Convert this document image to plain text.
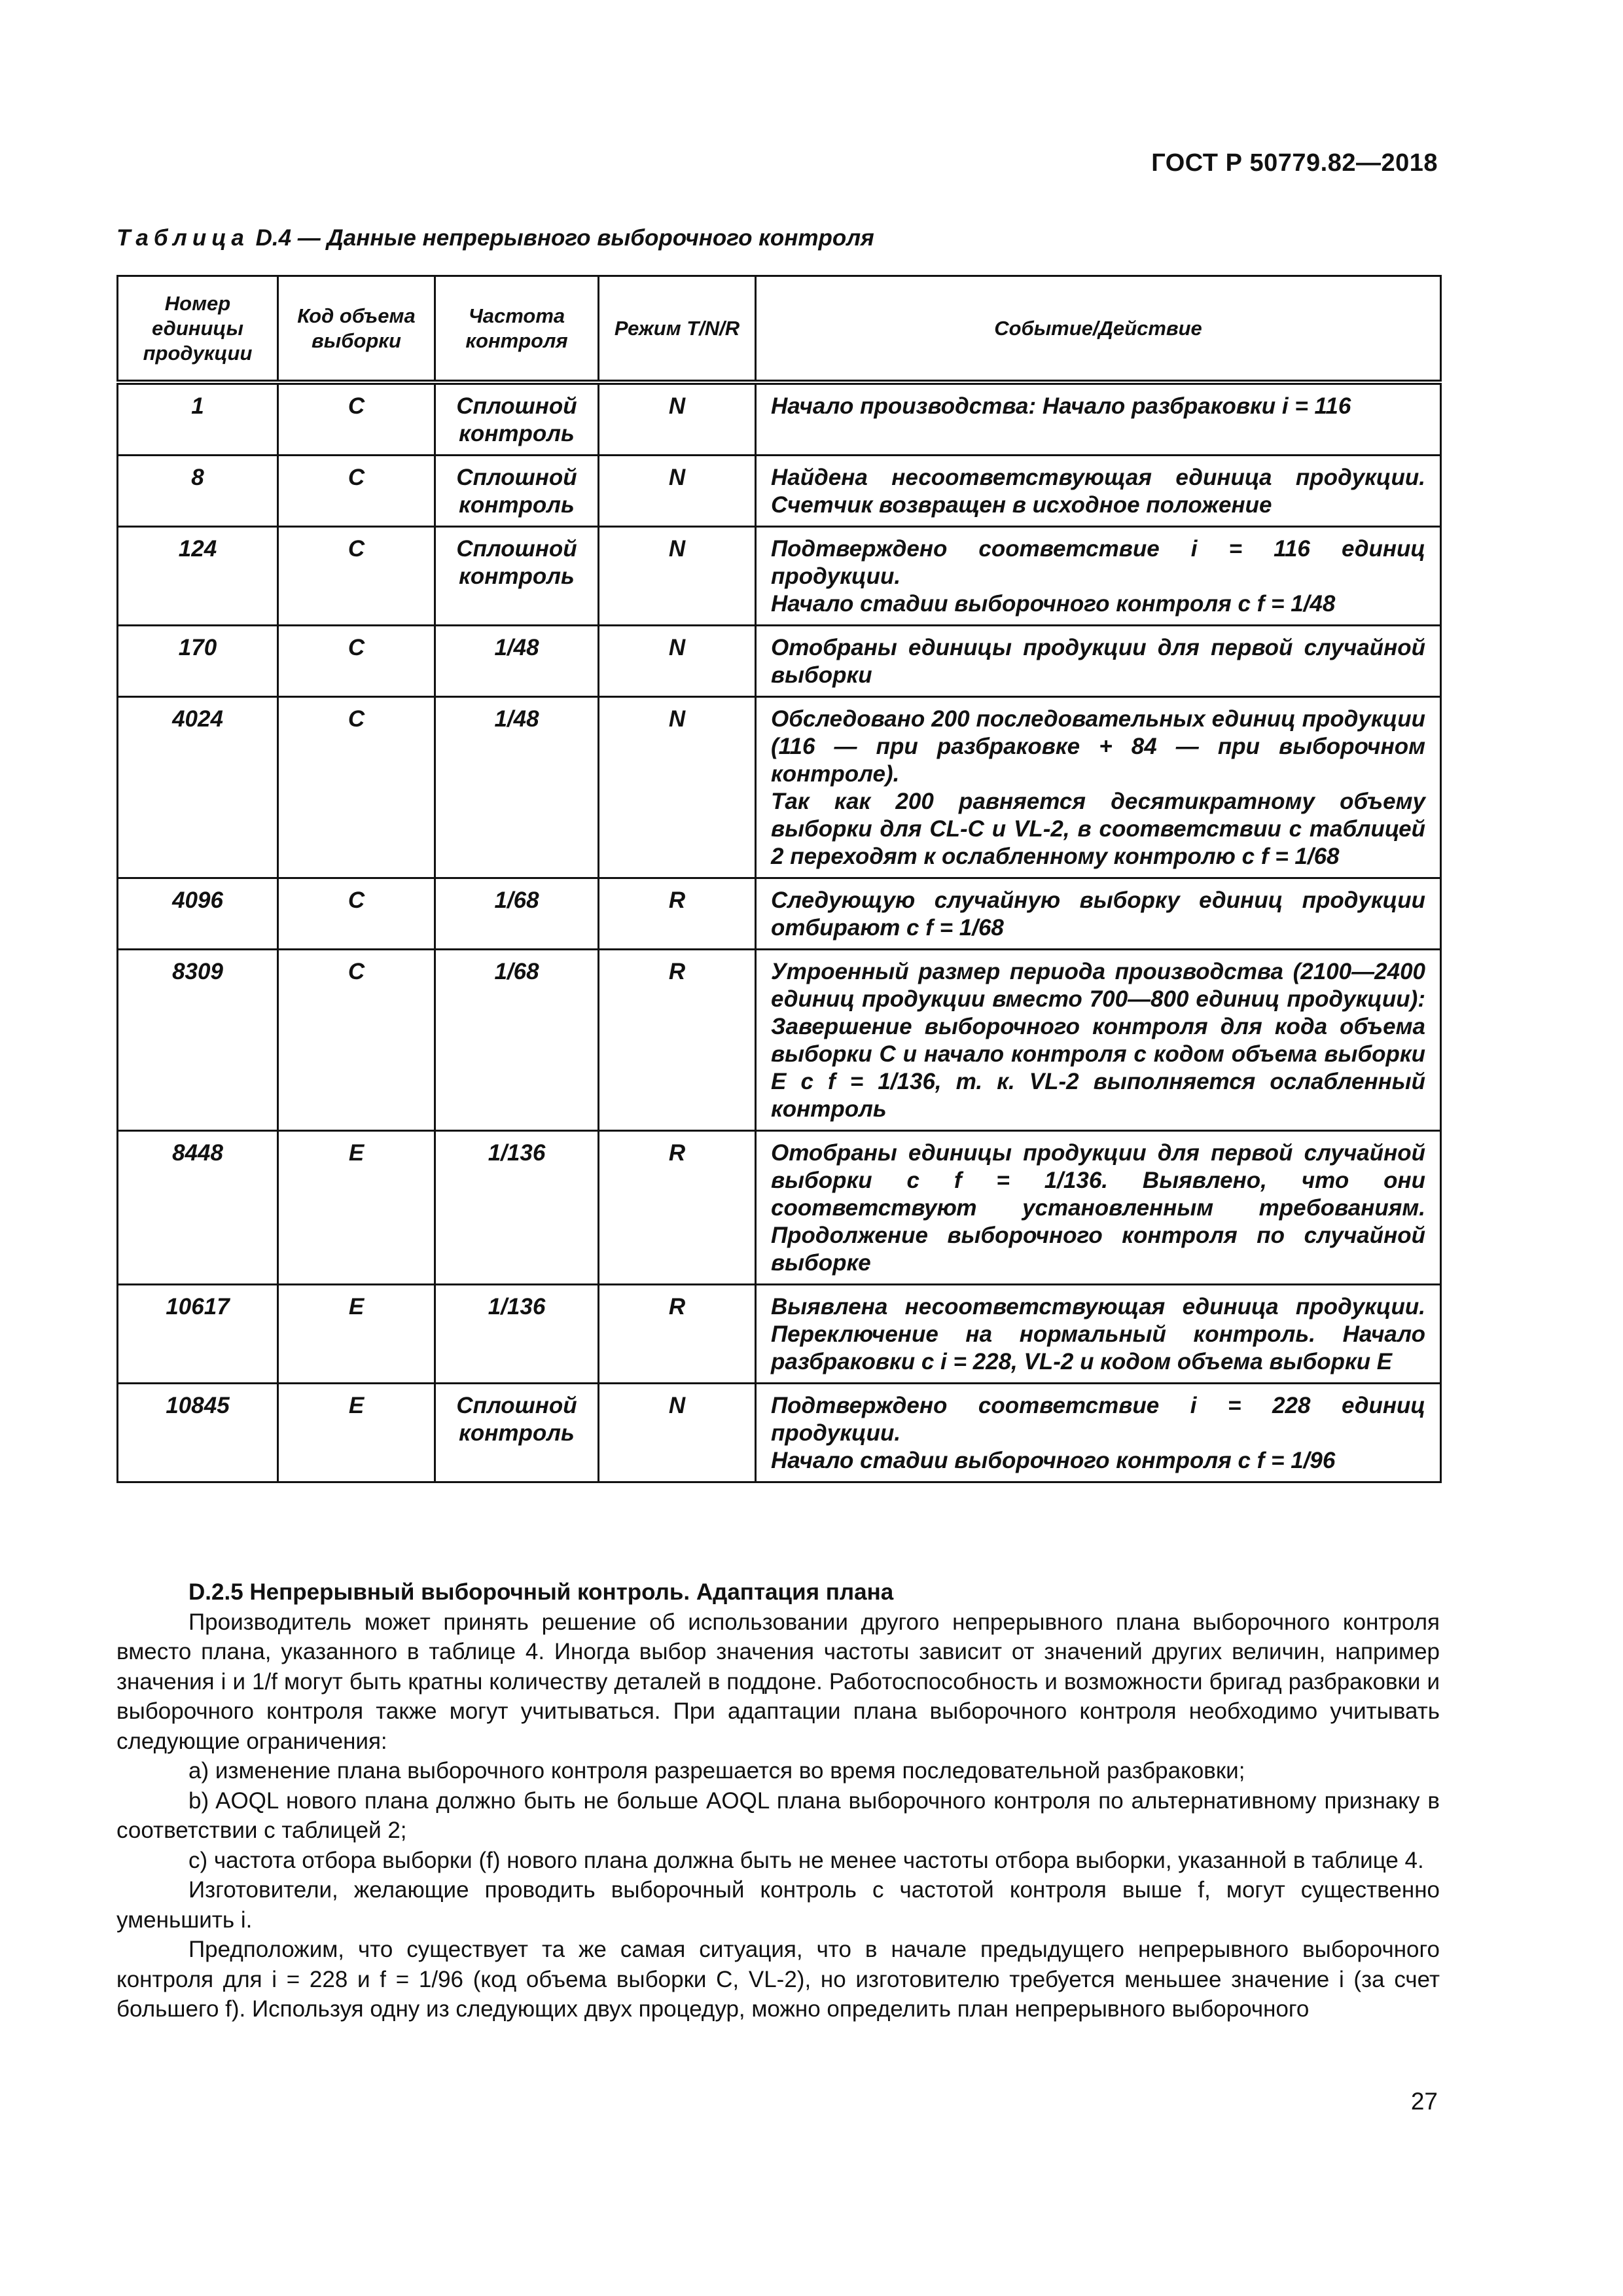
ГОСТ Р 50779.82—2018
Таблица D.4 — Данные непрерывного выборочного контроля
Номер единицы продукции	Код объема выборки	Частота контроля	Режим T/N/R	Событие/Действие
1	C	Сплошной контроль	N	Начало производства: Начало разбраковки i = 116

8	C	Сплошной контроль	N	Найдена несоответствующая единица продукции. Счетчик возвращен в исходное положение

124	C	Сплошной контроль	N	Подтверждено соответствие i = 116 единиц продукции.
Начало стадии выборочного контроля с f = 1/48

170	C	1/48	N	Отобраны единицы продукции для первой случайной выборки

4024	C	1/48	N	Обследовано 200 последовательных единиц продукции (116 — при разбраковке + 84 — при выборочном контроле).
Так как 200 равняется десятикратному объему выборки для CL-C и VL-2, в соответствии с таблицей 2 переходят к ослабленному контролю с f = 1/68

4096	C	1/68	R	Следующую случайную выборку единиц продукции отбирают с f = 1/68

8309	C	1/68	R	Утроенный размер периода производства (2100—2400 единиц продукции вместо 700—800 единиц продукции): Завершение выборочного контроля для кода объема выборки C и начало контроля с кодом объема выборки E с f = 1/136, т. к. VL-2 выполняется ослабленный контроль

8448	E	1/136	R	Отобраны единицы продукции для первой случайной выборки с f = 1/136. Выявлено, что они соответствуют установленным требованиям. Продолжение выборочного контроля по случайной выборке

10617	E	1/136	R	Выявлена несоответствующая единица продукции. Переключение на нормальный контроль. Начало разбраковки с i = 228, VL-2 и кодом объема выборки E

10845	E	Сплошной контроль	N	Подтверждено соответствие i = 228 единиц продукции.
Начало стадии выборочного контроля с f = 1/96

D.2.5 Непрерывный выборочный контроль. Адаптация плана

Производитель может принять решение об использовании другого непрерывного плана выборочного контроля вместо плана, указанного в таблице 4. Иногда выбор значения частоты зависит от значений других величин, например значения i и 1/f могут быть кратны количеству деталей в поддоне. Работоспособность и возможности бригад разбраковки и выборочного контроля также могут учитываться. При адаптации плана выборочного контроля необходимо учитывать следующие ограничения:

a) изменение плана выборочного контроля разрешается во время последовательной разбраковки;

b) AOQL нового плана должно быть не больше AOQL плана выборочного контроля по альтернативному признаку в соответствии с таблицей 2;

c) частота отбора выборки (f) нового плана должна быть не менее частоты отбора выборки, указанной в таблице 4.

Изготовители, желающие проводить выборочный контроль с частотой контроля выше f, могут существенно уменьшить i.

Предположим, что существует та же самая ситуация, что в начале предыдущего непрерывного выборочного контроля для i = 228 и f = 1/96 (код объема выборки C, VL-2), но изготовителю требуется меньшее значение i (за счет большего f). Используя одну из следующих двух процедур, можно определить план непрерывного выборочного

27
